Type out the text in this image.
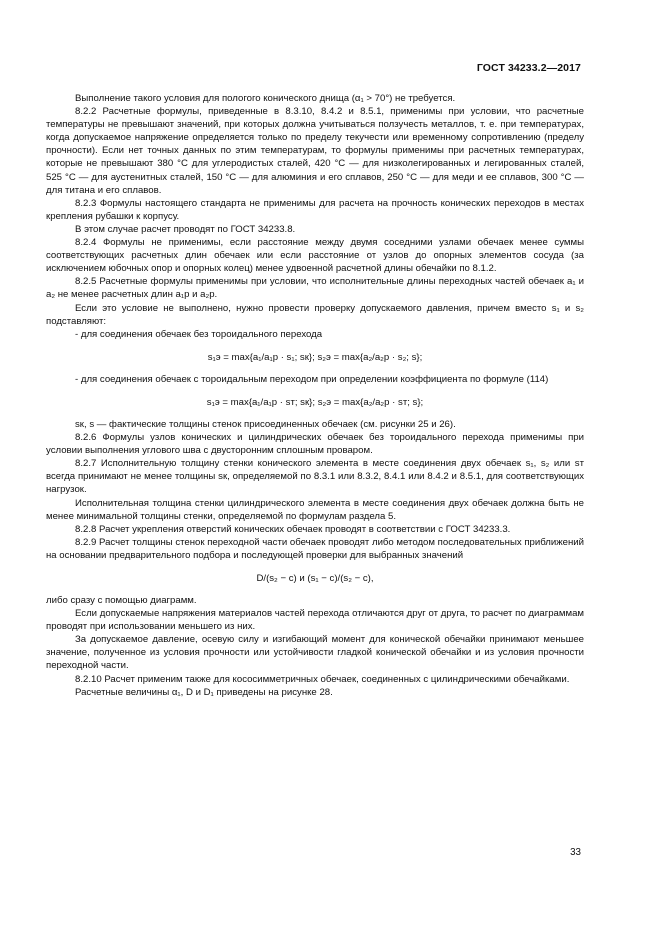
ГОСТ 34233.2—2017

Выполнение такого условия для пологого конического днища (α₁ > 70°) не требуется.

8.2.2 Расчетные формулы, приведенные в 8.3.10, 8.4.2 и 8.5.1, применимы при условии, что расчетные температуры не превышают значений, при которых должна учитываться ползучесть металлов, т. е. при температурах, когда допускаемое напряжение определяется только по пределу текучести или временному сопротивлению (пределу прочности). Если нет точных данных по этим температурам, то формулы применимы при расчетных температурах, которые не превышают 380 °С для углеродистых сталей, 420 °С — для низколегированных и легированных сталей, 525 °С — для аустенитных сталей, 150 °С — для алюминия и его сплавов, 250 °С — для меди и ее сплавов, 300 °С — для титана и его сплавов.

8.2.3 Формулы настоящего стандарта не применимы для расчета на прочность конических переходов в местах крепления рубашки к корпусу.

В этом случае расчет проводят по ГОСТ 34233.8.

8.2.4 Формулы не применимы, если расстояние между двумя соседними узлами обечаек менее суммы соответствующих расчетных длин обечаек или если расстояние от узлов до опорных элементов сосуда (за исключением юбочных опор и опорных колец) менее удвоенной расчетной длины обечайки по 8.1.2.

8.2.5 Расчетные формулы применимы при условии, что исполнительные длины переходных частей обечаек a₁ и a₂ не менее расчетных длин a₁p и a₂p.

Если это условие не выполнено, нужно провести проверку допускаемого давления, причем вместо s₁ и s₂ подставляют:

- для соединения обечаек без тороидального перехода

s₁э = max{a₁/a₁p · s₁; sк}; s₂э = max{a₂/a₂p · s₂; s};

- для соединения обечаек с тороидальным переходом при определении коэффициента по формуле (114)

s₁э = max{a₁/a₁p · sт; sк}; s₂э = max{a₂/a₂p · sт; s};

sк, s — фактические толщины стенок присоединенных обечаек (см. рисунки 25 и 26).

8.2.6 Формулы узлов конических и цилиндрических обечаек без тороидального перехода применимы при условии выполнения углового шва с двусторонним сплошным проваром.

8.2.7 Исполнительную толщину стенки конического элемента в месте соединения двух обечаек s₁, s₂ или sт всегда принимают не менее толщины sк, определяемой по 8.3.1 или 8.3.2, 8.4.1 или 8.4.2 и 8.5.1, для соответствующих нагрузок.

Исполнительная толщина стенки цилиндрического элемента в месте соединения двух обечаек должна быть не менее минимальной толщины стенки, определяемой по формулам раздела 5.

8.2.8 Расчет укрепления отверстий конических обечаек проводят в соответствии с ГОСТ 34233.3.

8.2.9 Расчет толщины стенок переходной части обечаек проводят либо методом последовательных приближений на основании предварительного подбора и последующей проверки для выбранных значений

D/(s₂ − c) и (s₁ − c)/(s₂ − c),

либо сразу с помощью диаграмм.

Если допускаемые напряжения материалов частей перехода отличаются друг от друга, то расчет по диаграммам проводят при использовании меньшего из них.

За допускаемое давление, осевую силу и изгибающий момент для конической обечайки принимают меньшее значение, полученное из условия прочности или устойчивости гладкой конической обечайки и из условия прочности переходной части.

8.2.10 Расчет применим также для кососимметричных обечаек, соединенных с цилиндрическими обечайками.

Расчетные величины α₁, D и D₁ приведены на рисунке 28.

33
